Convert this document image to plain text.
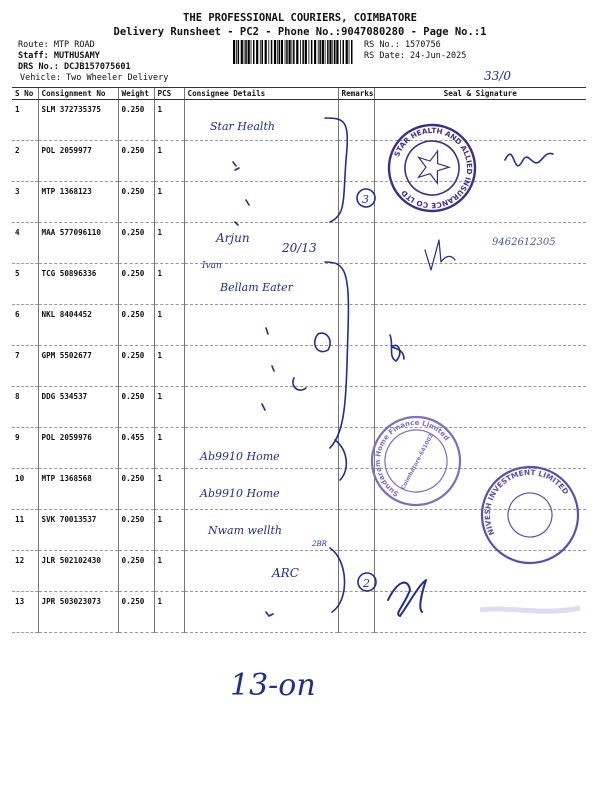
THE PROFESSIONAL COURIERS, COIMBATORE
Delivery Runsheet - PC2 - Phone No.:9047080280 - Page No.:1
Route: MTP ROAD
Staff: MUTHUSAMY
DRS No.: DCJB157075601
Vehicle: Two Wheeler Delivery
RS No.: 1570756
RS Date: 24-Jun-2025
S No	Consignment No	Weight	PCS	Consignee Details	Remarks	Seal & Signature
1	SLM 372735375	0.250	1			
2	POL 2059977	0.250	1			
3	MTP 1368123	0.250	1			
4	MAA 577096110	0.250	1			
5	TCG 50896336	0.250	1			
6	NKL 8404452	0.250	1			
7	GPM 5502677	0.250	1			
8	DDG 534537	0.250	1			
9	POL 2059976	0.455	1			
10	MTP 1368568	0.250	1			
11	SVK 70013537	0.250	1			
12	JLR 502102430	0.250	1			
13	JPR 503023073	0.250	1			
33/0
Star Health
Arjun
20/13
Ivan
Bellam Eater
Ab9910 Home
Ab9910 Home
Nwam wellth
2BR
ARC
3
2
9462612305
13-on
STAR HEALTH AND ALLIED INSURANCE CO LTD
Sundaram Home Finance Limited
Coimbatore-641002
NIVESH INVESTMENT LIMITED
